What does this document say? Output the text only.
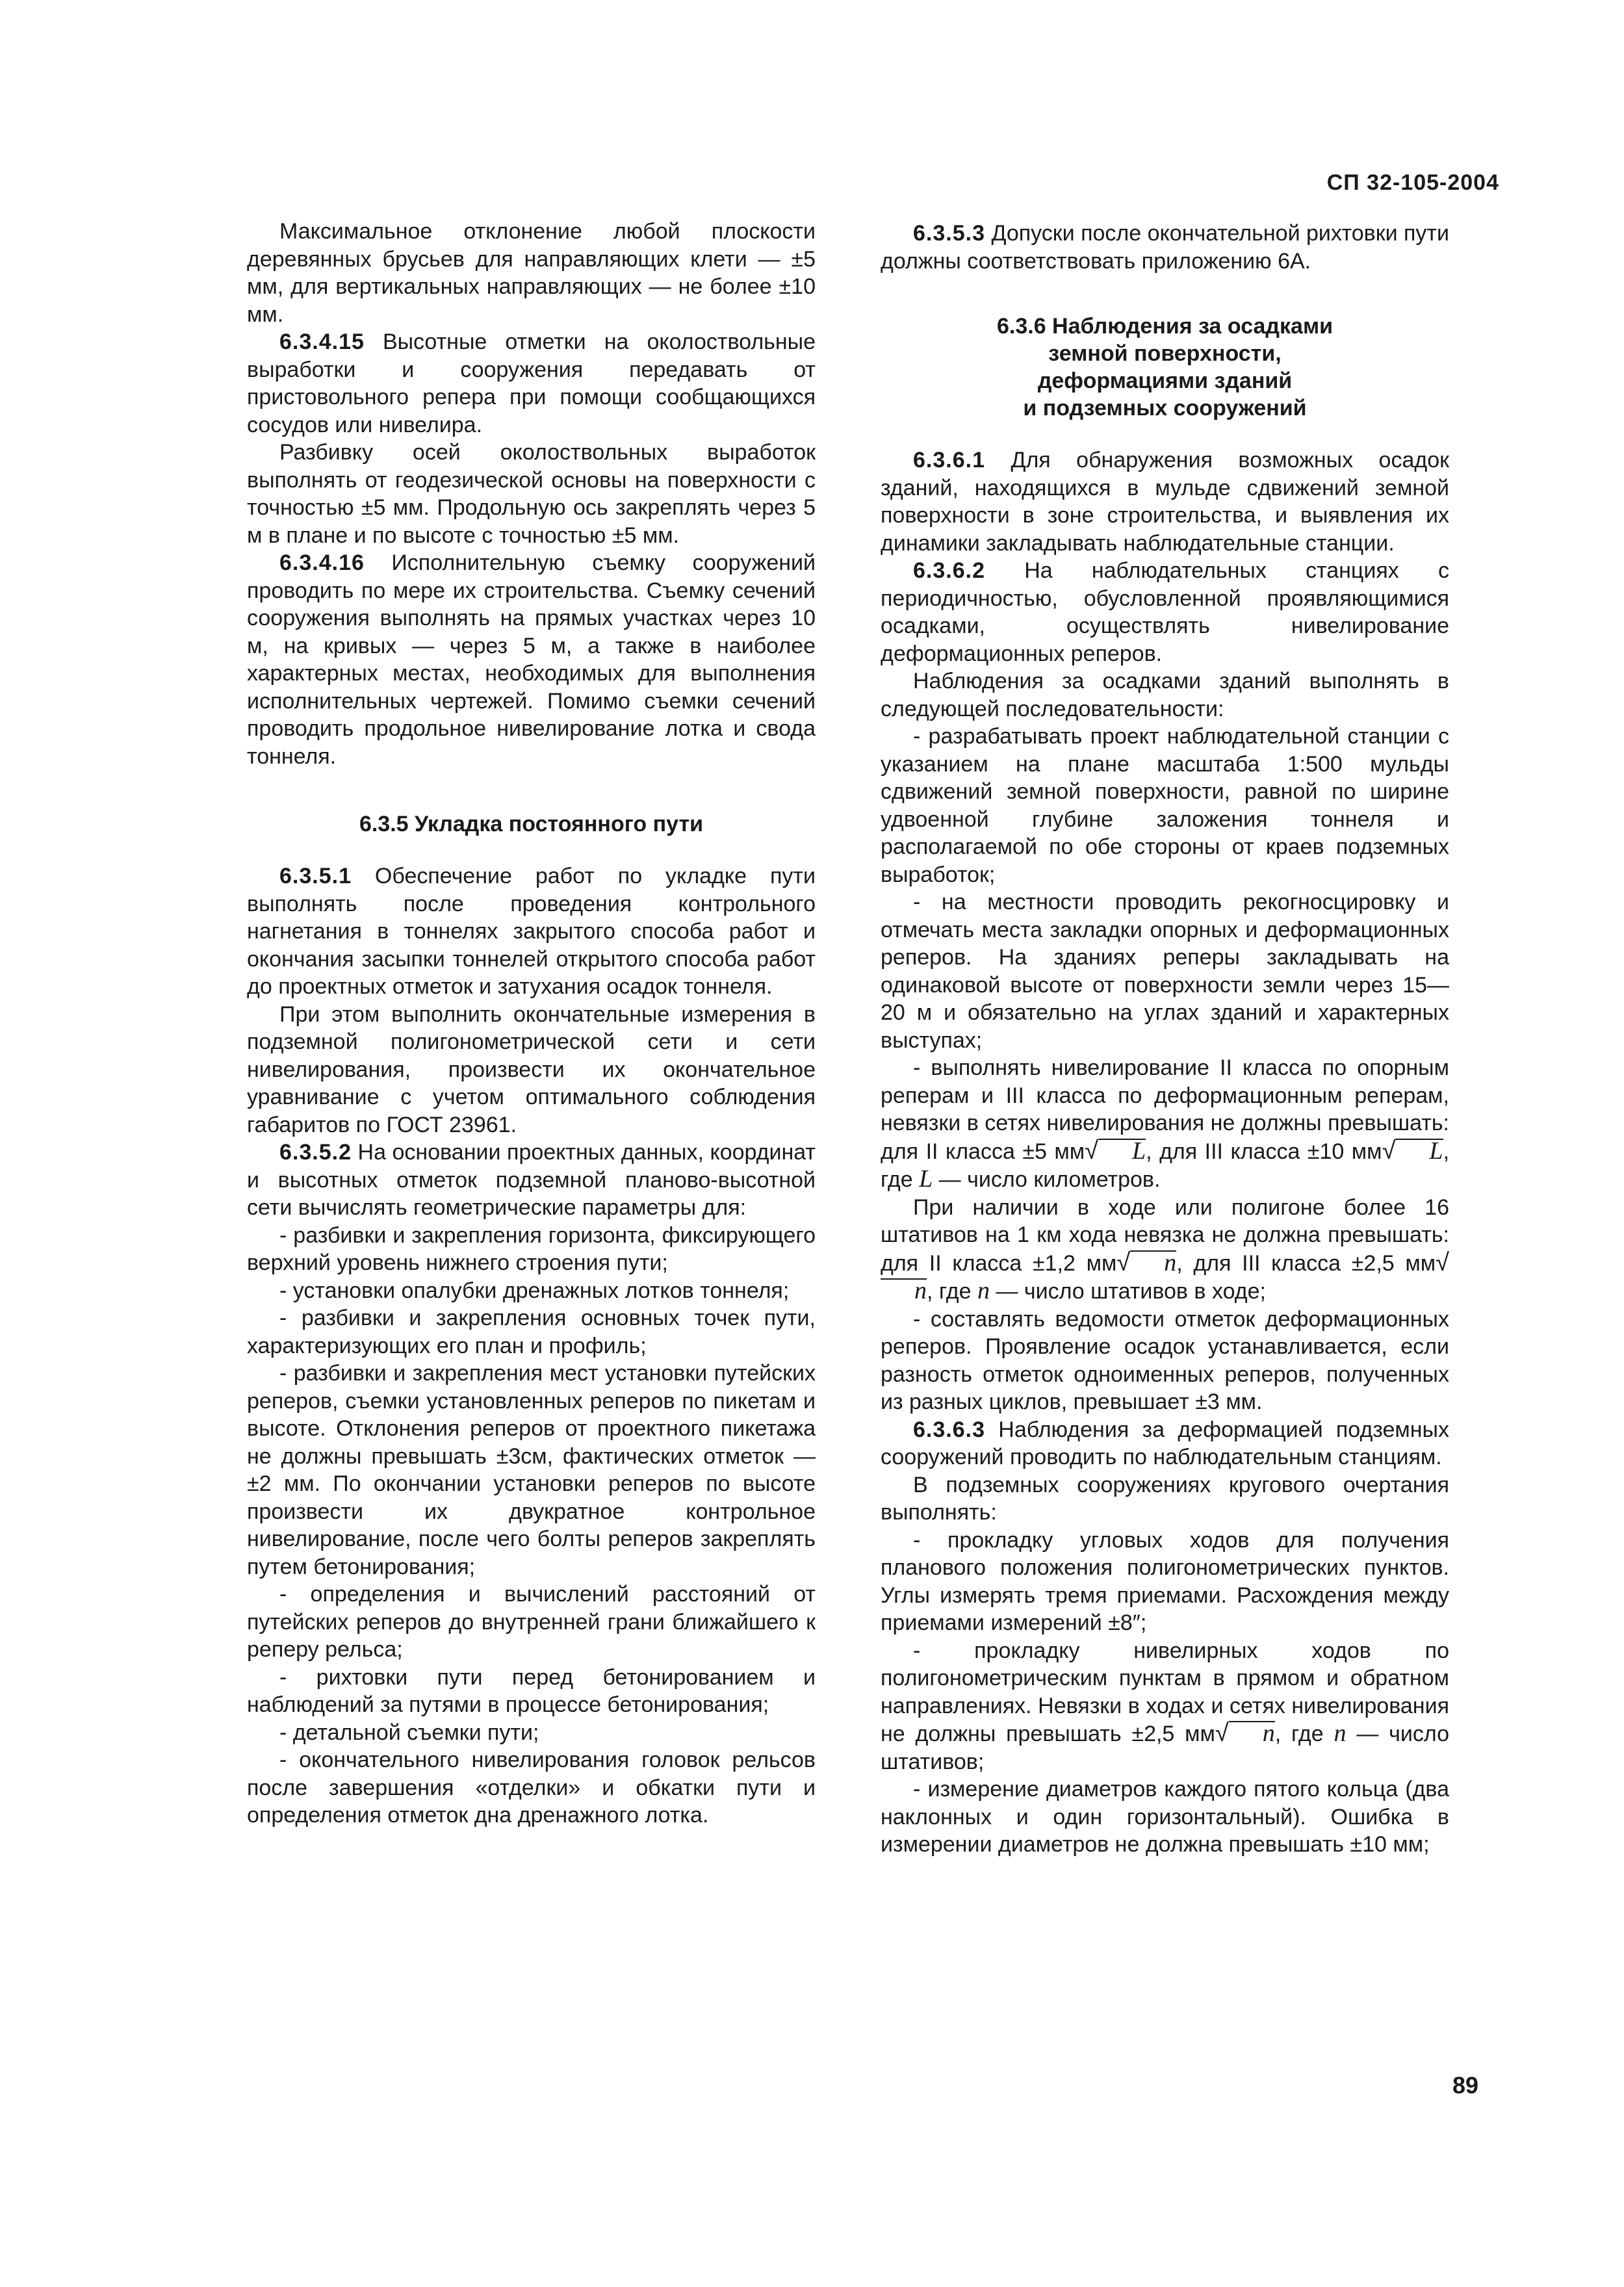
СП 32-105-2004

Максимальное отклонение любой плоскости деревянных брусьев для направляющих клети — ±5 мм, для вертикальных направляющих — не более ±10 мм.

6.3.4.15 Высотные отметки на околоствольные выработки и сооружения передавать от пристовольного репера при помощи сообщающихся сосудов или нивелира.

Разбивку осей околоствольных выработок выполнять от геодезической основы на поверхности с точностью ±5 мм. Продольную ось закреплять через 5 м в плане и по высоте с точностью ±5 мм.

6.3.4.16 Исполнительную съемку сооружений проводить по мере их строительства. Съемку сечений сооружения выполнять на прямых участках через 10 м, на кривых — через 5 м, а также в наиболее характерных местах, необходимых для выполнения исполнительных чертежей. Помимо съемки сечений проводить продольное нивелирование лотка и свода тоннеля.

6.3.5 Укладка постоянного пути

6.3.5.1 Обеспечение работ по укладке пути выполнять после проведения контрольного нагнетания в тоннелях закрытого способа работ и окончания засыпки тоннелей открытого способа работ до проектных отметок и затухания осадок тоннеля.

При этом выполнить окончательные измерения в подземной полигонометрической сети и сети нивелирования, произвести их окончательное уравнивание с учетом оптимального соблюдения габаритов по ГОСТ 23961.

6.3.5.2 На основании проектных данных, координат и высотных отметок подземной планово-высотной сети вычислять геометрические параметры для:

- разбивки и закрепления горизонта, фиксирующего верхний уровень нижнего строения пути;

- установки опалубки дренажных лотков тоннеля;

- разбивки и закрепления основных точек пути, характеризующих его план и профиль;

- разбивки и закрепления мест установки путейских реперов, съемки установленных реперов по пикетам и высоте. Отклонения реперов от проектного пикетажа не должны превышать ±3см, фактических отметок — ±2 мм. По окончании установки реперов по высоте произвести их двукратное контрольное нивелирование, после чего болты реперов закреплять путем бетонирования;

- определения и вычислений расстояний от путейских реперов до внутренней грани ближайшего к реперу рельса;

- рихтовки пути перед бетонированием и наблюдений за путями в процессе бетонирования;

- детальной съемки пути;

- окончательного нивелирования головок рельсов после завершения «отделки» и обкатки пути и определения отметок дна дренажного лотка.

6.3.5.3 Допуски после окончательной рихтовки пути должны соответствовать приложению 6А.

6.3.6 Наблюдения за осадками
земной поверхности,
деформациями зданий
и подземных сооружений

6.3.6.1 Для обнаружения возможных осадок зданий, находящихся в мульде сдвижений земной поверхности в зоне строительства, и выявления их динамики закладывать наблюдательные станции.

6.3.6.2 На наблюдательных станциях с периодичностью, обусловленной проявляющимися осадками, осуществлять нивелирование деформационных реперов.

Наблюдения за осадками зданий выполнять в следующей последовательности:

- разрабатывать проект наблюдательной станции с указанием на плане масштаба 1:500 мульды сдвижений земной поверхности, равной по ширине удвоенной глубине заложения тоннеля и располагаемой по обе стороны от краев подземных выработок;

- на местности проводить рекогносцировку и отмечать места закладки опорных и деформационных реперов. На зданиях реперы закладывать на одинаковой высоте от поверхности земли через 15—20 м и обязательно на углах зданий и характерных выступах;

- выполнять нивелирование II класса по опорным реперам и III класса по деформационным реперам, невязки в сетях нивелирования не должны превышать: для II класса ±5 мм√ L, для III класса ±10 мм√ L, где L — число километров.

При наличии в ходе или полигоне более 16 штативов на 1 км хода невязка не должна превышать: для II класса ±1,2 мм√ n, для III класса ±2,5 мм√n, где n — число штативов в ходе;

- составлять ведомости отметок деформационных реперов. Проявление осадок устанавливается, если разность отметок одноименных реперов, полученных из разных циклов, превышает ±3 мм.

6.3.6.3 Наблюдения за деформацией подземных сооружений проводить по наблюдательным станциям.

В подземных сооружениях кругового очертания выполнять:

- прокладку угловых ходов для получения планового положения полигонометрических пунктов. Углы измерять тремя приемами. Расхождения между приемами измерений ±8″;

- прокладку нивелирных ходов по полигонометрическим пунктам в прямом и обратном направлениях. Невязки в ходах и сетях нивелирования не должны превышать ±2,5 мм√ n, где n — число штативов;

- измерение диаметров каждого пятого кольца (два наклонных и один горизонтальный). Ошибка в измерении диаметров не должна превышать ±10 мм;

89
